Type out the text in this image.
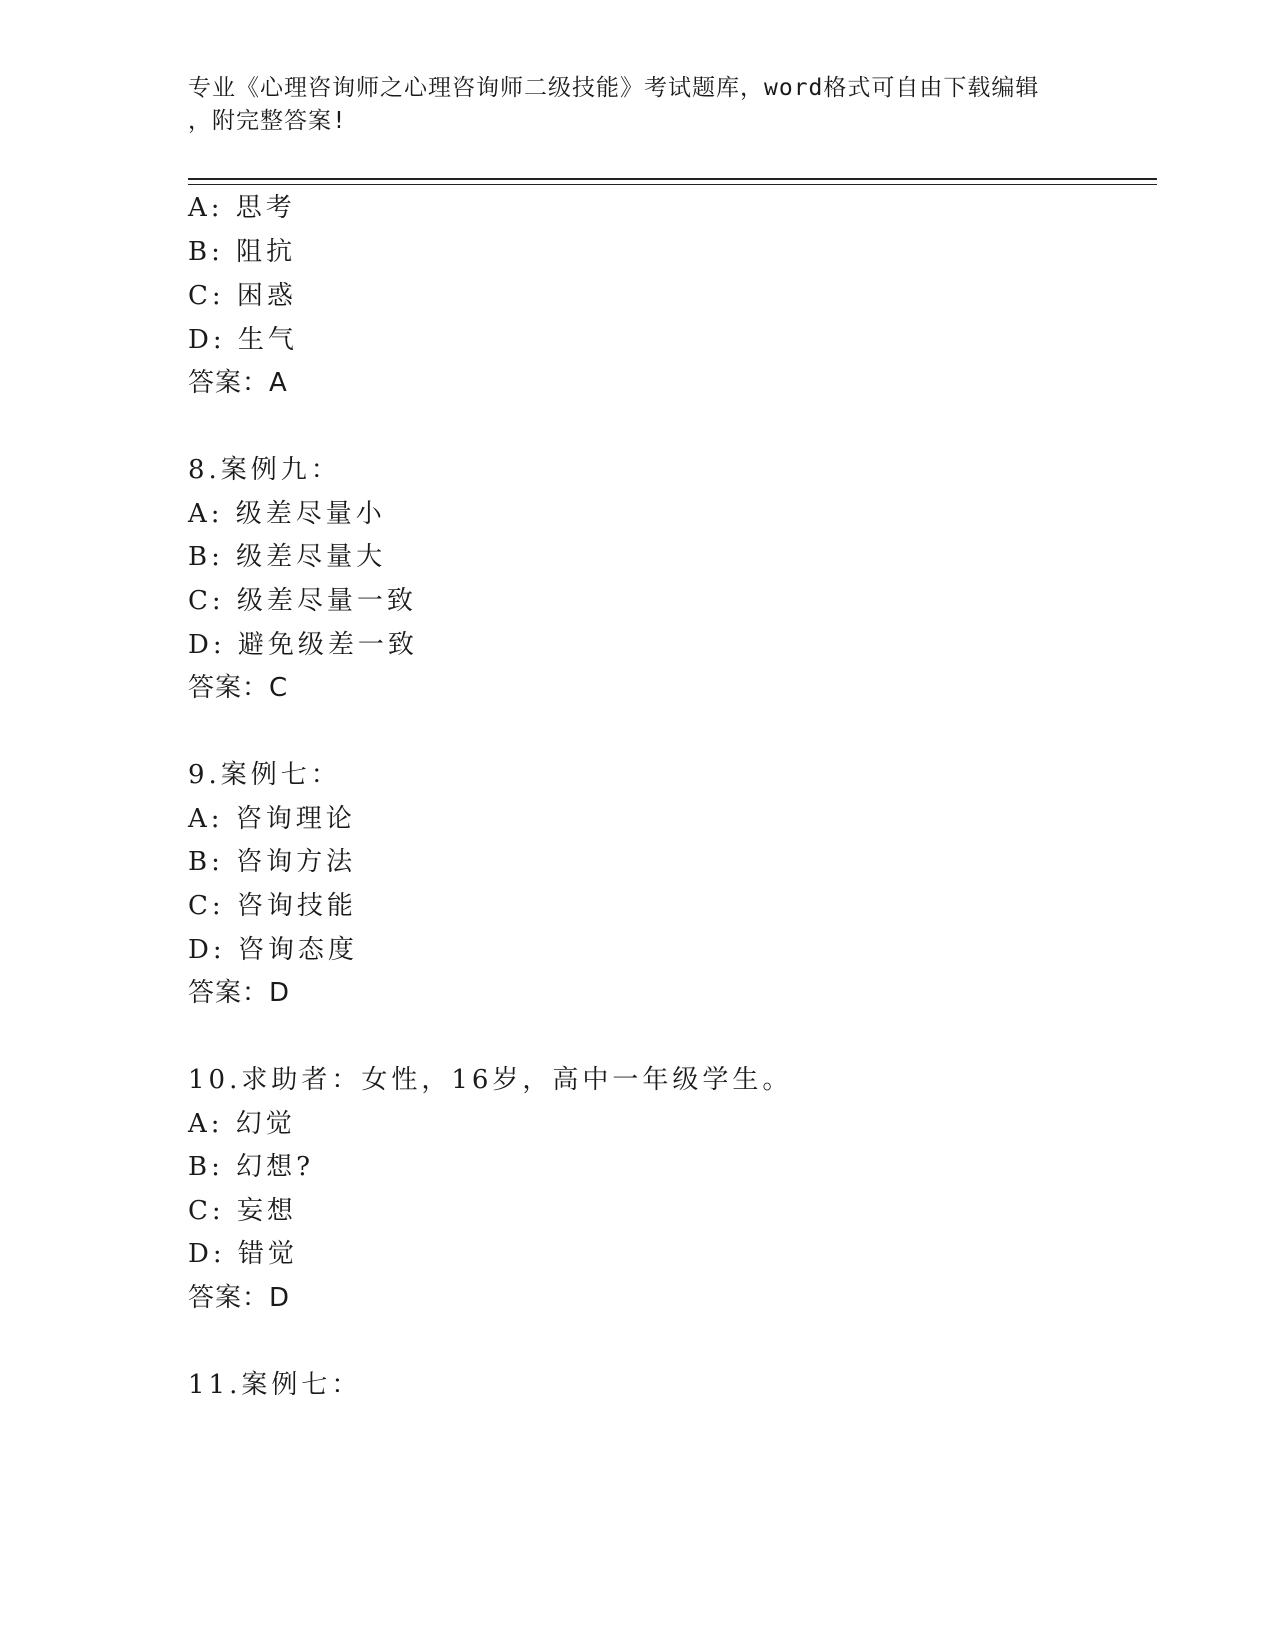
专业《心理咨询师之心理咨询师二级技能》考试题库，word格式可自由下载编辑
，附完整答案!
A: 思考
B: 阻抗
C: 困惑
D: 生气
答案：A
8.案例九：
A: 级差尽量小
B: 级差尽量大
C: 级差尽量一致
D: 避免级差一致
答案：C
9.案例七：
A: 咨询理论
B: 咨询方法
C: 咨询技能
D: 咨询态度
答案：D
10.求助者：女性，16岁，高中一年级学生。
A: 幻觉
B: 幻想?
C: 妄想
D: 错觉
答案：D
11.案例七：
